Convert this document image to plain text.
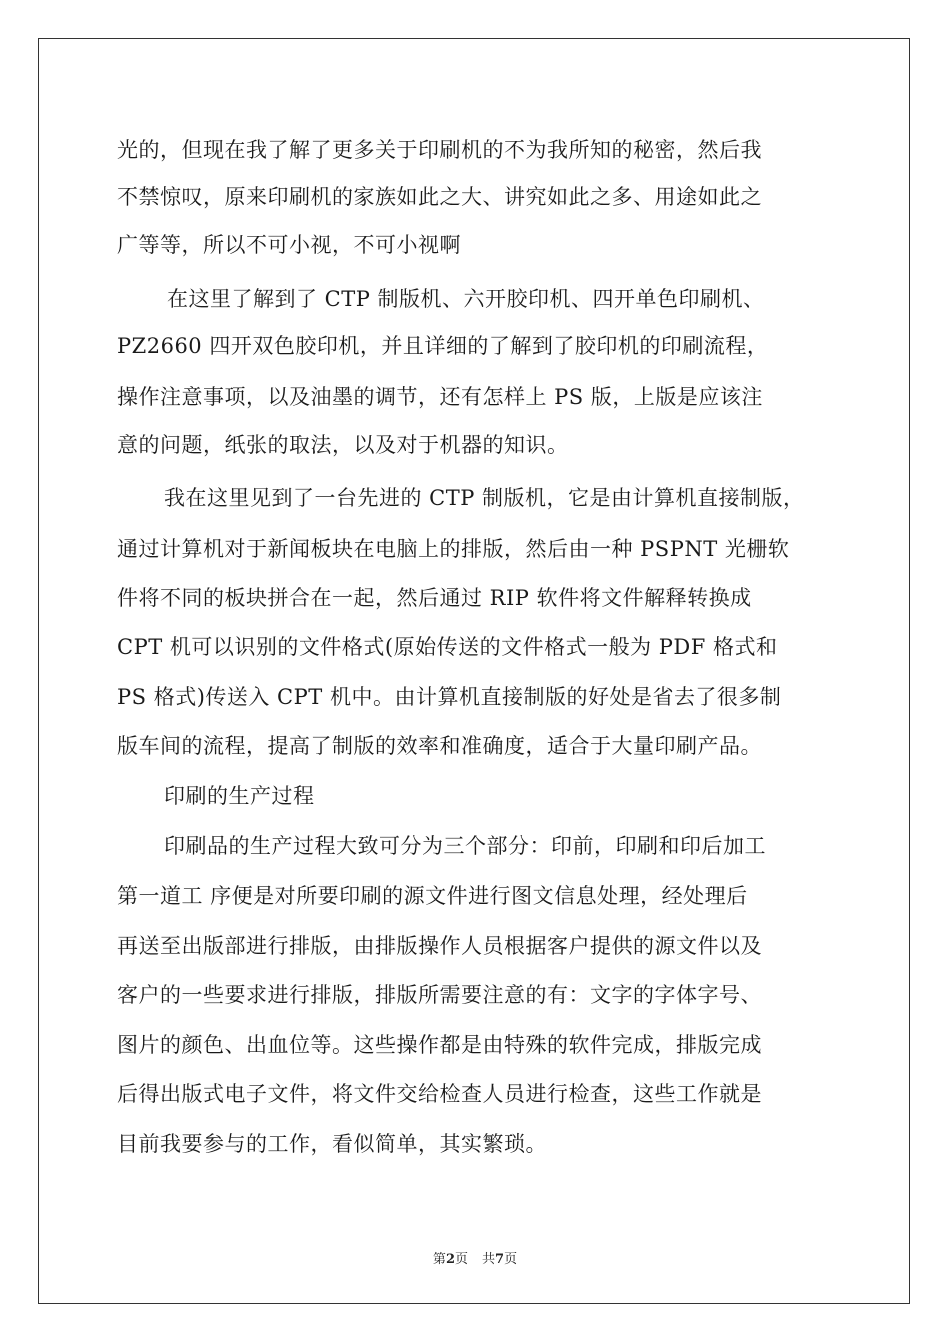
光的，但现在我了解了更多关于印刷机的不为我所知的秘密，然后我
不禁惊叹，原来印刷机的家族如此之大、讲究如此之多、用途如此之
广等等，所以不可小视，不可小视啊
在这里了解到了 CTP 制版机、六开胶印机、四开单色印刷机、
PZ2660 四开双色胶印机，并且详细的了解到了胶印机的印刷流程，
操作注意事项，以及油墨的调节，还有怎样上 PS 版，上版是应该注
意的问题，纸张的取法，以及对于机器的知识。
我在这里见到了一台先进的 CTP 制版机，它是由计算机直接制版，
通过计算机对于新闻板块在电脑上的排版，然后由一种 PSPNT 光栅软
件将不同的板块拼合在一起，然后通过 RIP 软件将文件解释转换成
CPT 机可以识别的文件格式(原始传送的文件格式一般为 PDF 格式和
PS 格式)传送入 CPT 机中。由计算机直接制版的好处是省去了很多制
版车间的流程，提高了制版的效率和准确度，适合于大量印刷产品。
印刷的生产过程
印刷品的生产过程大致可分为三个部分：印前，印刷和印后加工
第一道工 序便是对所要印刷的源文件进行图文信息处理，经处理后
再送至出版部进行排版，由排版操作人员根据客户提供的源文件以及
客户的一些要求进行排版，排版所需要注意的有：文字的字体字号、
图片的颜色、出血位等。这些操作都是由特殊的软件完成，排版完成
后得出版式电子文件，将文件交给检查人员进行检查，这些工作就是
目前我要参与的工作，看似简单，其实繁琐。
第2页 共7页
